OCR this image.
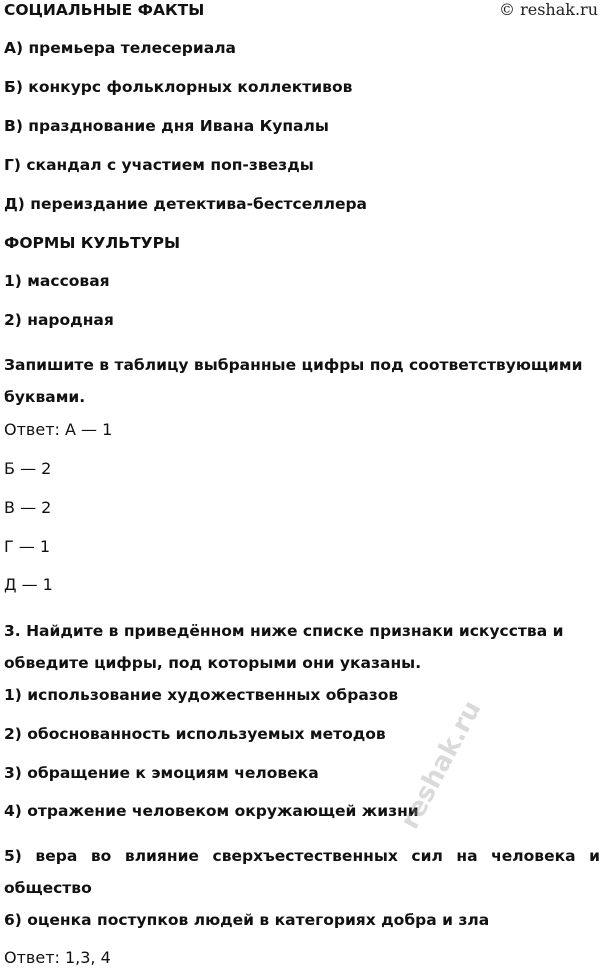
© reshak.ru
СОЦИАЛЬНЫЕ ФАКТЫ
А) премьера телесериала
Б) конкурс фольклорных коллективов
В) празднование дня Ивана Купалы
Г) скандал с участием поп-звезды
Д) переиздание детектива-бестселлера
ФОРМЫ КУЛЬТУРЫ
1) массовая
2) народная
Запишите в таблицу выбранные цифры под соответствующими буквами.
Ответ: А — 1
Б — 2
В — 2
Г — 1
Д — 1
3. Найдите в приведённом ниже списке признаки искусства и обведите цифры, под которыми они указаны.
1) использование художественных образов
2) обоснованность используемых методов
3) обращение к эмоциям человека
4) отражение человеком окружающей жизни
5) вера во влияние сверхъестественных сил на человека и общество
6) оценка поступков людей в категориях добра и зла
Ответ: 1,3, 4
reshak.ru
